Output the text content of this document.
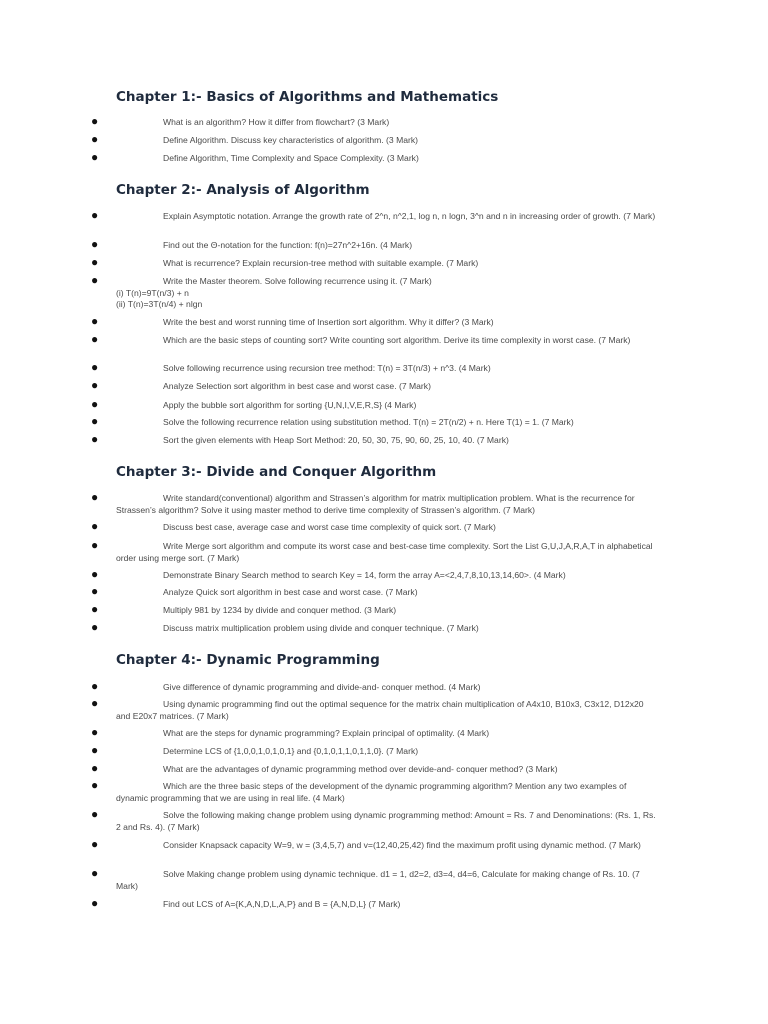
Chapter 1:- Basics of Algorithms and Mathematics
●	What is an algorithm? How it differ from flowchart? (3 Mark)
●	Define Algorithm. Discuss key characteristics of algorithm. (3 Mark)
●	Define Algorithm, Time Complexity and Space Complexity. (3 Mark)
Chapter 2:- Analysis of Algorithm
●	Explain Asymptotic notation. Arrange the growth rate of 2^n, n^2,1, log n, n logn, 3^n and n in increasing order of growth. (7 Mark)
●	Find out the Θ-notation for the function: f(n)=27n^2+16n. (4 Mark)
●	What is recurrence? Explain recursion-tree method with suitable example. (7 Mark)
●	Write the Master theorem. Solve following recurrence using it. (7 Mark)
(i) T(n)=9T(n/3) + n
(ii) T(n)=3T(n/4) + nlgn
●	Write the best and worst running time of Insertion sort algorithm. Why it differ? (3 Mark)
●	Which are the basic steps of counting sort? Write counting sort algorithm. Derive its time complexity in worst case. (7 Mark)
●	Solve following recurrence using recursion tree method: T(n) = 3T(n/3) + n^3. (4 Mark)
●	Analyze Selection sort algorithm in best case and worst case. (7 Mark)
●	Apply the bubble sort algorithm for sorting {U,N,I,V,E,R,S} (4 Mark)
●	Solve the following recurrence relation using substitution method. T(n) = 2T(n/2) + n. Here T(1) = 1. (7 Mark)
●	Sort the given elements with Heap Sort Method: 20, 50, 30, 75, 90, 60, 25, 10, 40. (7 Mark)
Chapter 3:- Divide and Conquer Algorithm
●	Write standard(conventional) algorithm and Strassen’s algorithm for matrix multiplication problem. What is the recurrence for Strassen’s algorithm? Solve it using master method to derive time complexity of Strassen’s algorithm. (7 Mark)
●	Discuss best case, average case and worst case time complexity of quick sort. (7 Mark)
●	Write Merge sort algorithm and compute its worst case and best-case time complexity. Sort the List G,U,J,A,R,A,T in alphabetical order using merge sort. (7 Mark)
●	Demonstrate Binary Search method to search Key = 14, form the array A=<2,4,7,8,10,13,14,60>. (4 Mark)
●	Analyze Quick sort algorithm in best case and worst case. (7 Mark)
●	Multiply 981 by 1234 by divide and conquer method. (3 Mark)
●	Discuss matrix multiplication problem using divide and conquer technique. (7 Mark)
Chapter 4:- Dynamic Programming
●	Give difference of dynamic programming and divide-and- conquer method. (4 Mark)
●	Using dynamic programming find out the optimal sequence for the matrix chain multiplication of A4x10, B10x3, C3x12, D12x20 and E20x7 matrices. (7 Mark)
●	What are the steps for dynamic programming? Explain principal of optimality. (4 Mark)
●	Determine LCS of {1,0,0,1,0,1,0,1} and {0,1,0,1,1,0,1,1,0}. (7 Mark)
●	What are the advantages of dynamic programming method over devide-and- conquer method? (3 Mark)
●	Which are the three basic steps of the development of the dynamic programming algorithm? Mention any two examples of dynamic programming that we are using in real life. (4 Mark)
●	Solve the following making change problem using dynamic programming method: Amount = Rs. 7 and Denominations: (Rs. 1, Rs. 2 and Rs. 4). (7 Mark)
●	Consider Knapsack capacity W=9, w = (3,4,5,7) and v=(12,40,25,42) find the maximum profit using dynamic method. (7 Mark)
●	Solve Making change problem using dynamic technique. d1 = 1, d2=2, d3=4, d4=6, Calculate for making change of Rs. 10. (7 Mark)
●	Find out LCS of A={K,A,N,D,L,A,P} and B = {A,N,D,L} (7 Mark)
